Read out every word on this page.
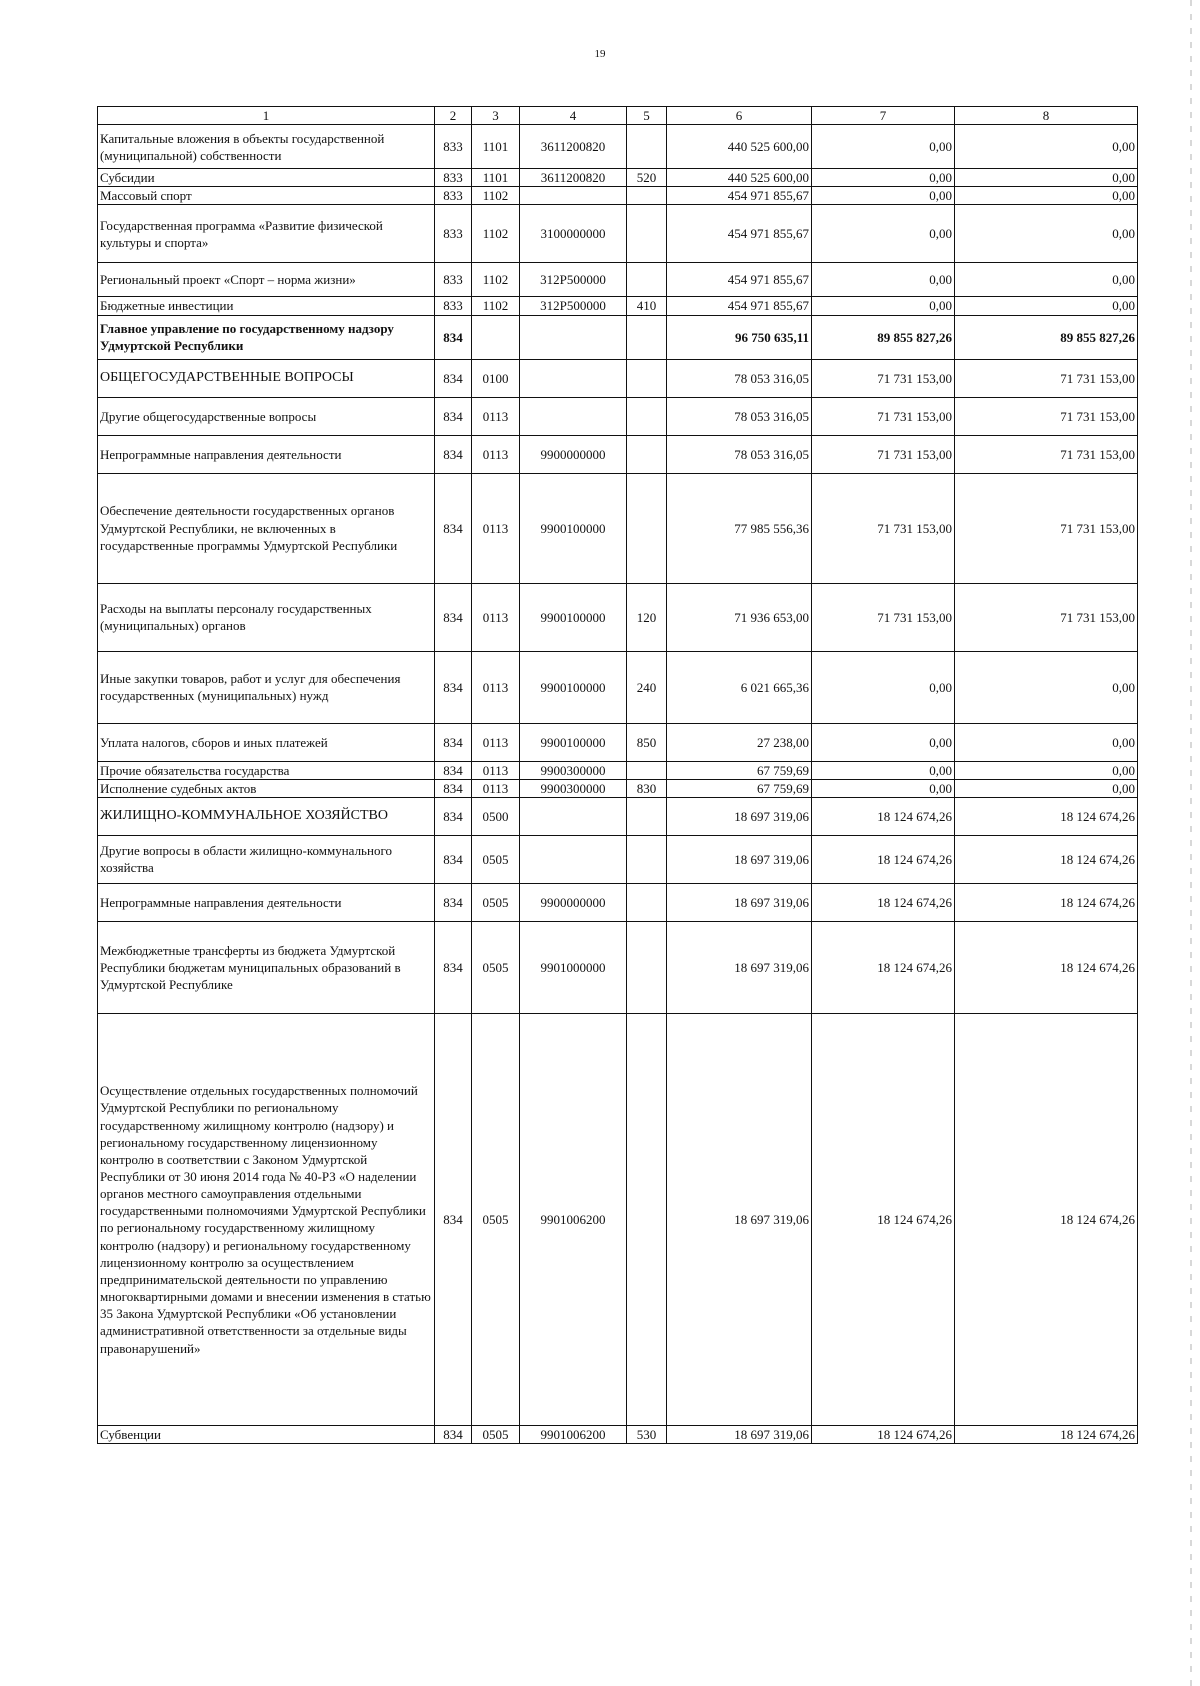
19
1	2	3	4	5	6	7	8
Капитальные вложения в объекты государственной (муниципальной) собственности	833	1101	3611200820		440 525 600,00	0,00	0,00
Субсидии	833	1101	3611200820	520	440 525 600,00	0,00	0,00
Массовый спорт	833	1102			454 971 855,67	0,00	0,00
Государственная программа «Развитие физической культуры и спорта»	833	1102	3100000000		454 971 855,67	0,00	0,00
Региональный проект «Спорт – норма жизни»	833	1102	312P500000		454 971 855,67	0,00	0,00
Бюджетные инвестиции	833	1102	312P500000	410	454 971 855,67	0,00	0,00
Главное управление по государственному надзору Удмуртской Республики	834				96 750 635,11	89 855 827,26	89 855 827,26
ОБЩЕГОСУДАРСТВЕННЫЕ ВОПРОСЫ	834	0100			78 053 316,05	71 731 153,00	71 731 153,00
Другие общегосударственные вопросы	834	0113			78 053 316,05	71 731 153,00	71 731 153,00
Непрограммные направления деятельности	834	0113	9900000000		78 053 316,05	71 731 153,00	71 731 153,00
Обеспечение деятельности государственных органов Удмуртской Республики, не включенных в государственные программы Удмуртской Республики	834	0113	9900100000		77 985 556,36	71 731 153,00	71 731 153,00
Расходы на выплаты персоналу государственных (муниципальных) органов	834	0113	9900100000	120	71 936 653,00	71 731 153,00	71 731 153,00
Иные закупки товаров, работ и услуг для обеспечения государственных (муниципальных) нужд	834	0113	9900100000	240	6 021 665,36	0,00	0,00
Уплата налогов, сборов и иных платежей	834	0113	9900100000	850	27 238,00	0,00	0,00
Прочие обязательства государства	834	0113	9900300000		67 759,69	0,00	0,00
Исполнение судебных актов	834	0113	9900300000	830	67 759,69	0,00	0,00
ЖИЛИЩНО-КОММУНАЛЬНОЕ ХОЗЯЙСТВО	834	0500			18 697 319,06	18 124 674,26	18 124 674,26
Другие вопросы в области жилищно-коммунального хозяйства	834	0505			18 697 319,06	18 124 674,26	18 124 674,26
Непрограммные направления деятельности	834	0505	9900000000		18 697 319,06	18 124 674,26	18 124 674,26
Межбюджетные трансферты из бюджета Удмуртской Республики бюджетам муниципальных образований в Удмуртской Республике	834	0505	9901000000		18 697 319,06	18 124 674,26	18 124 674,26
Осуществление отдельных государственных полномочий Удмуртской Республики по региональному государственному жилищному контролю (надзору) и региональному государственному лицензионному контролю в соответствии с Законом Удмуртской Республики от 30 июня 2014 года № 40-РЗ «О наделении органов местного самоуправления отдельными государственными полномочиями Удмуртской Республики по региональному государственному жилищному контролю (надзору) и региональному государственному лицензионному контролю за осуществлением предпринимательской деятельности по управлению многоквартирными домами и внесении изменения в статью 35 Закона Удмуртской Республики «Об установлении административной ответственности за отдельные виды правонарушений»	834	0505	9901006200		18 697 319,06	18 124 674,26	18 124 674,26
Субвенции	834	0505	9901006200	530	18 697 319,06	18 124 674,26	18 124 674,26
